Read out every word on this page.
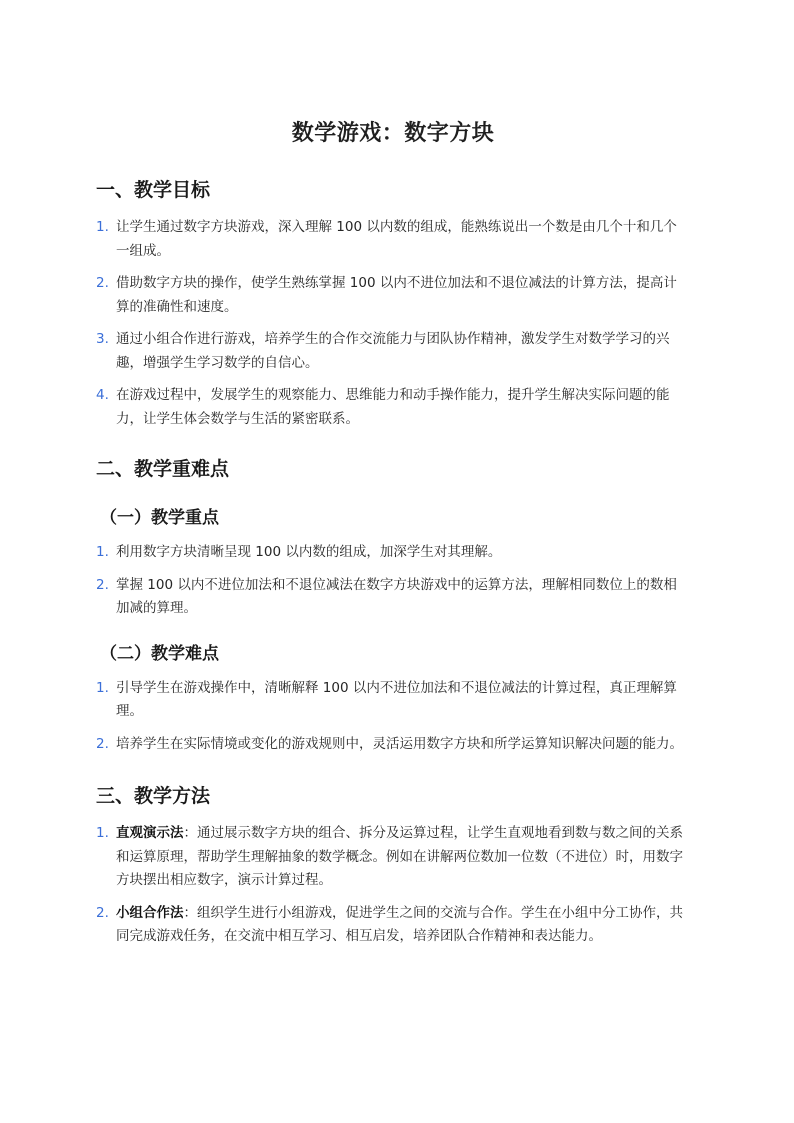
数学游戏：数字方块
一、教学目标
1. 让学生通过数字方块游戏，深入理解 100 以内数的组成，能熟练说出一个数是由几个十和几个一组成。
2. 借助数字方块的操作，使学生熟练掌握 100 以内不进位加法和不退位减法的计算方法，提高计算的准确性和速度。
3. 通过小组合作进行游戏，培养学生的合作交流能力与团队协作精神，激发学生对数学学习的兴趣，增强学生学习数学的自信心。
4. 在游戏过程中，发展学生的观察能力、思维能力和动手操作能力，提升学生解决实际问题的能力，让学生体会数学与生活的紧密联系。
二、教学重难点
（一）教学重点
1. 利用数字方块清晰呈现 100 以内数的组成，加深学生对其理解。
2. 掌握 100 以内不进位加法和不退位减法在数字方块游戏中的运算方法，理解相同数位上的数相加减的算理。
（二）教学难点
1. 引导学生在游戏操作中，清晰解释 100 以内不进位加法和不退位减法的计算过程，真正理解算理。
2. 培养学生在实际情境或变化的游戏规则中，灵活运用数字方块和所学运算知识解决问题的能力。
三、教学方法
1. 直观演示法：通过展示数字方块的组合、拆分及运算过程，让学生直观地看到数与数之间的关系和运算原理，帮助学生理解抽象的数学概念。例如在讲解两位数加一位数（不进位）时，用数字方块摆出相应数字，演示计算过程。
2. 小组合作法：组织学生进行小组游戏，促进学生之间的交流与合作。学生在小组中分工协作，共同完成游戏任务，在交流中相互学习、相互启发，培养团队合作精神和表达能力。
